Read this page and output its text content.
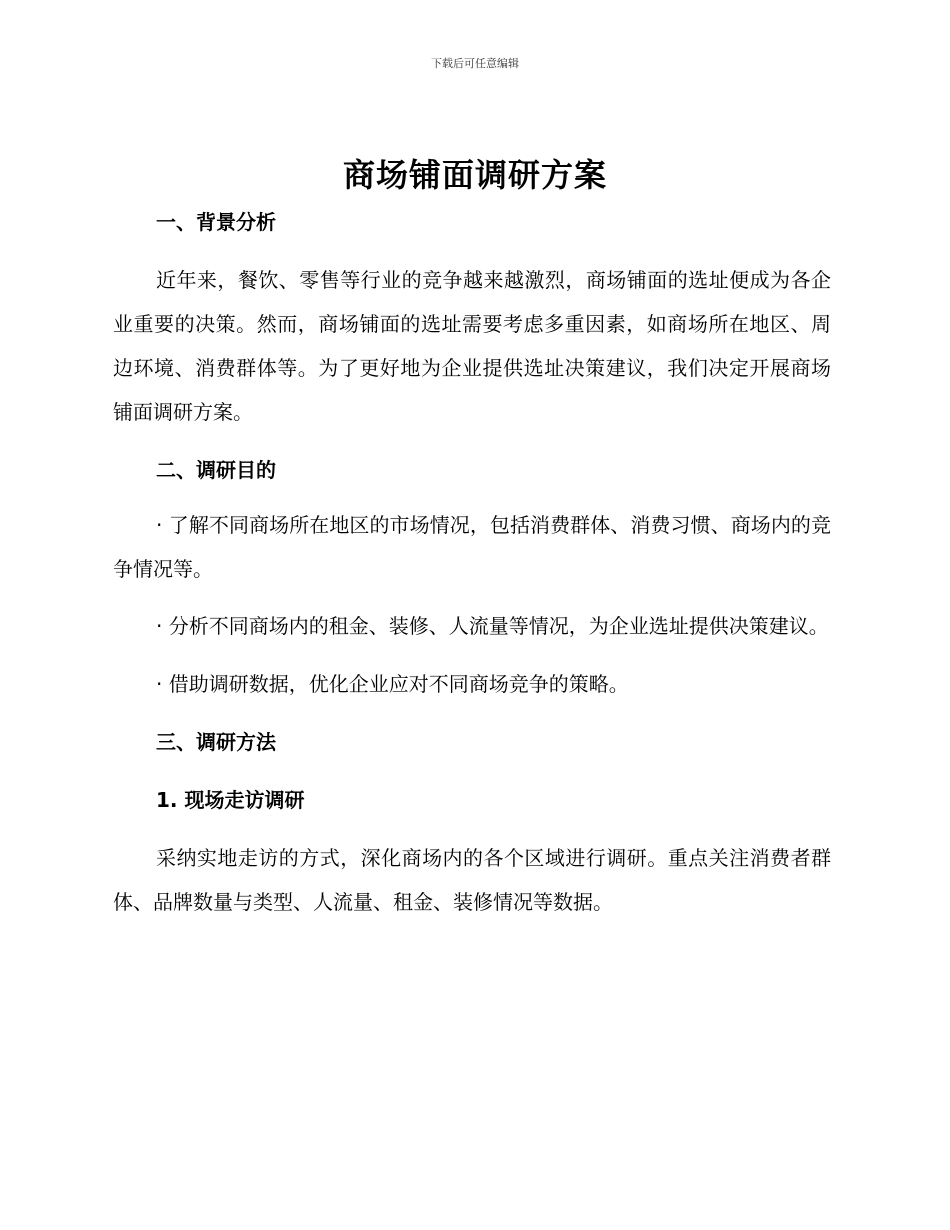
下载后可任意编辑
商场铺面调研方案

一、背景分析

近年来，餐饮、零售等行业的竞争越来越激烈，商场铺面的选址便成为各企业重要的决策。然而，商场铺面的选址需要考虑多重因素，如商场所在地区、周边环境、消费群体等。为了更好地为企业提供选址决策建议，我们决定开展商场铺面调研方案。

二、调研目的

· 了解不同商场所在地区的市场情况，包括消费群体、消费习惯、商场内的竞争情况等。

· 分析不同商场内的租金、装修、人流量等情况，为企业选址提供决策建议。

· 借助调研数据，优化企业应对不同商场竞争的策略。

三、调研方法

1. 现场走访调研

采纳实地走访的方式，深化商场内的各个区域进行调研。重点关注消费者群体、品牌数量与类型、人流量、租金、装修情况等数据。
